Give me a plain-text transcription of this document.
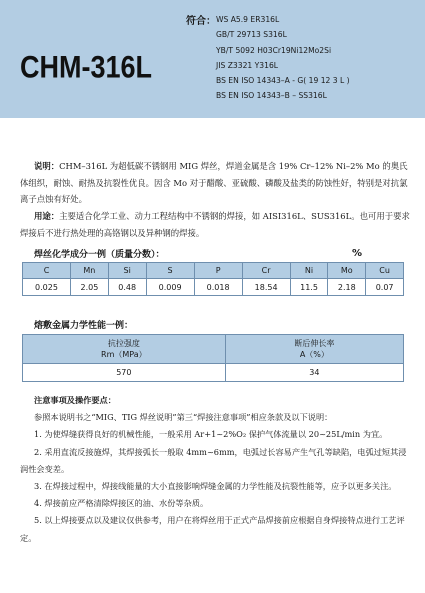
CHM-316L
符合： WS A5.9 ER316L
GB/T 29713 S316L
YB/T 5092 H03Cr19Ni12Mo2Si
JIS Z3321 Y316L
BS EN ISO 14343–A - G( 19 12 3 L )
BS EN ISO 14343–B – SS316L

说明：CHM–316L 为超低碳不锈钢用 MIG 焊丝，焊道金属是含 19% Cr–12% Ni–2% Mo 的奥氏体组织，耐蚀、耐热及抗裂性优良。因含 Mo 对于醋酸、亚硫酸、磷酸及盐类的防蚀性好，特别是对抗氯离子点蚀有好处。

用途：主要适合化学工业、动力工程结构中不锈钢的焊接，如 AISI316L、SUS316L。也可用于要求焊接后不进行热处理的高铬钢以及异种钢的焊接。

焊丝化学成分一例（质量分数）：	%
C	Mn	Si	S	P	Cr	Ni	Mo	Cu
0.025	2.05	0.48	0.009	0.018	18.54	11.5	2.18	0.07
熔敷金属力学性能一例：
抗拉强度
Rm（MPa）	断后伸长率
A（%）
570	34
注意事项及操作要点：

参照本说明书之“MIG、TIG 焊丝说明”第三“焊接注意事项”相应条款及以下说明：

1. 为使焊缝获得良好的机械性能，一般采用 Ar+1~2%O₂ 保护气体流量以 20~25L/min 为宜。

2. 采用直流反接施焊，其焊接弧长一般取 4mm~6mm，电弧过长容易产生气孔等缺陷，电弧过短其浸润性会变差。

3. 在焊接过程中，焊接线能量的大小直接影响焊缝金属的力学性能及抗裂性能等，应予以更多关注。

4. 焊接前应严格清除焊接区的油、水份等杂质。

5. 以上焊接要点以及建议仅供参考，用户在将焊丝用于正式产品焊接前应根据自身焊接特点进行工艺评定。
